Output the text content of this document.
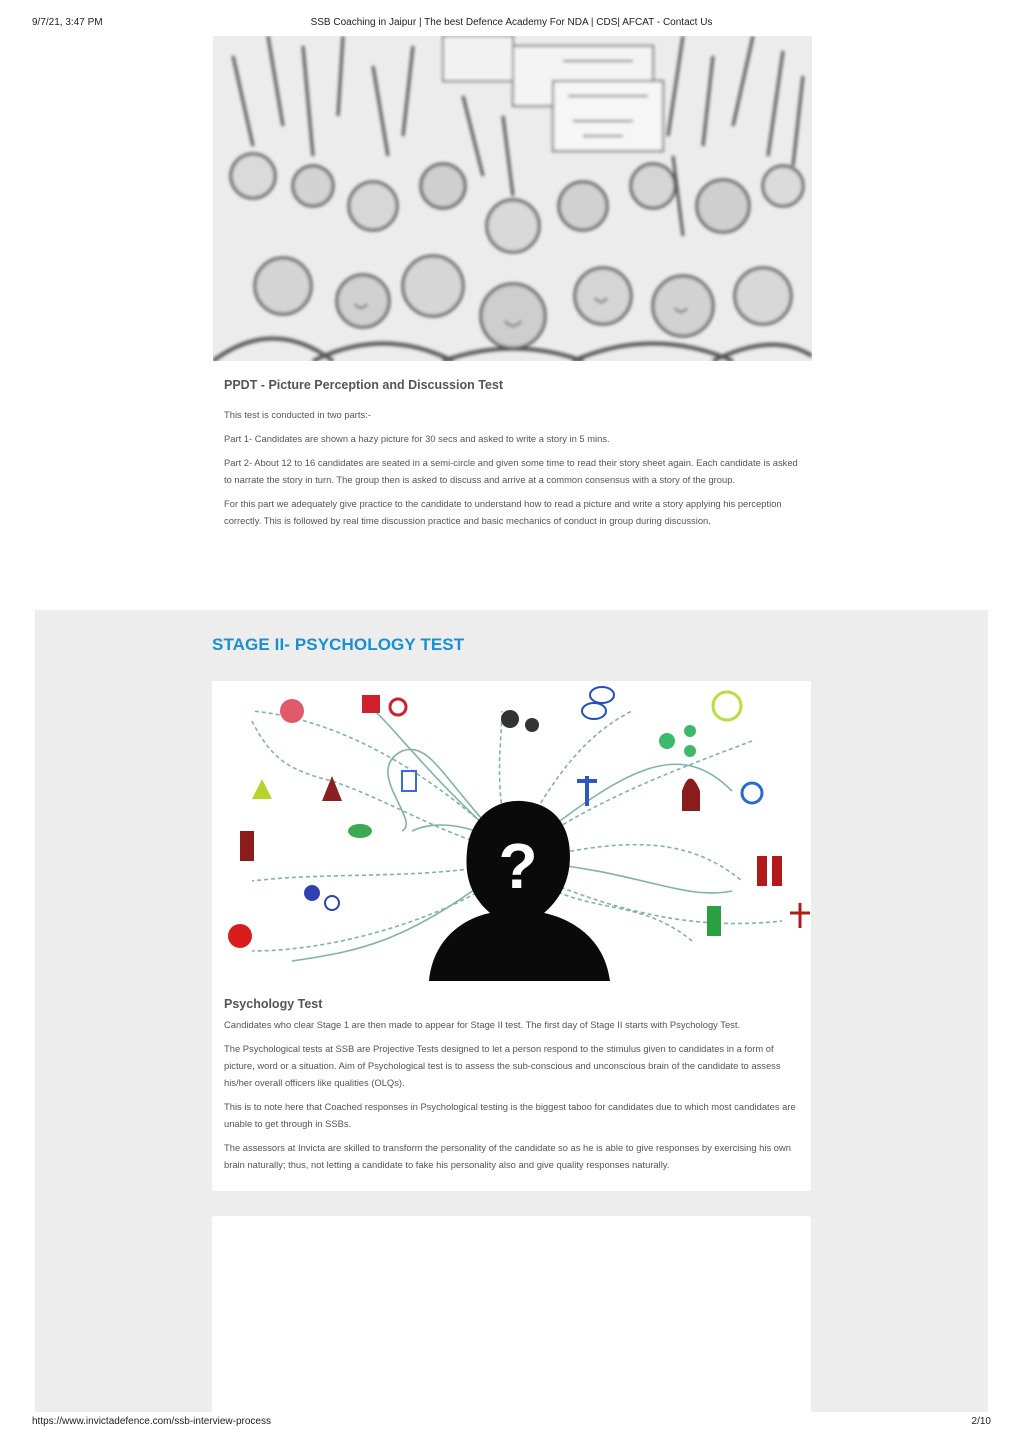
9/7/21, 3:47 PM	SSB Coaching in Jaipur | The best Defence Academy For NDA | CDS| AFCAT - Contact Us
PPDT - Picture Perception and Discussion Test

This test is conducted in two parts:-

Part 1- Candidates are shown a hazy picture for 30 secs and asked to write a story in 5 mins.

Part 2- About 12 to 16 candidates are seated in a semi-circle and given some time to read their story sheet again. Each candidate is asked to narrate the story in turn. The group then is asked to discuss and arrive at a common consensus with a story of the group.

For this part we adequately give practice to the candidate to understand how to read a picture and write a story applying his perception correctly. This is followed by real time discussion practice and basic mechanics of conduct in group during discussion.

STAGE II- PSYCHOLOGY TEST
?
Psychology Test

Candidates who clear Stage 1 are then made to appear for Stage II test. The first day of Stage II starts with Psychology Test.

The Psychological tests at SSB are Projective Tests designed to let a person respond to the stimulus given to candidates in a form of picture, word or a situation. Aim of Psychological test is to assess the sub-conscious and unconscious brain of the candidate to assess his/her overall officers like qualities (OLQs).

This is to note here that Coached responses in Psychological testing is the biggest taboo for candidates due to which most candidates are unable to get through in SSBs.

The assessors at Invicta are skilled to transform the personality of the candidate so as he is able to give responses by exercising his own brain naturally; thus, not letting a candidate to fake his personality also and give quality responses naturally.

https://www.invictadefence.com/ssb-interview-process	2/10
